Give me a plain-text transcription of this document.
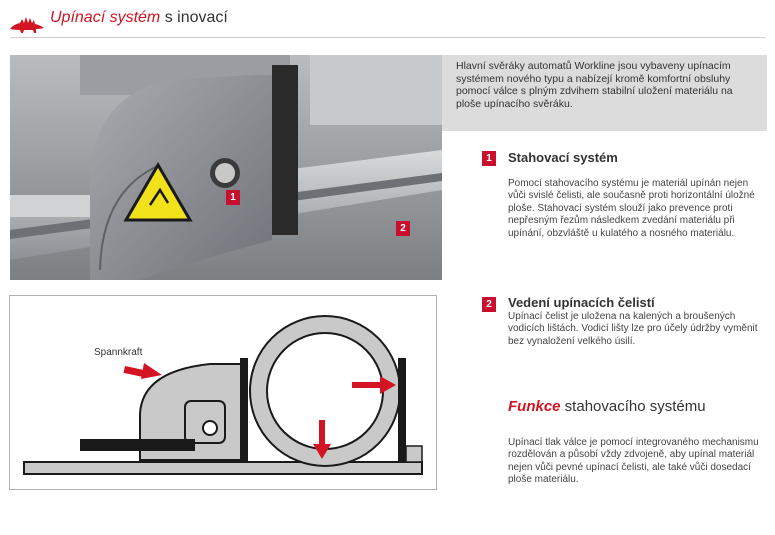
Upínací systém s inovací
1
2
Hlavní svěráky automatů Workline jsou vybaveny upínacím systémem nového typu a nabízejí kromě komfortní obsluhy pomocí válce s plným zdvihem stabilní uložení materiálu na ploše upínacího svěráku.
1	Stahovací systém
Pomocí stahovacího systému je materiál upínán nejen vůči svislé čelisti, ale současně proti horizontální úložné ploše. Stahovací systém slouží jako prevence proti nepřesným řezům následkem zvedání materiálu při upínání, obzvláště u kulatého a nosného materiálu.
2	Vedení upínacích čelistí
Upínací čelist je uložena na kalených a broušených vodicích lištách. Vodicí lišty lze pro účely údržby vyměnit bez vynaložení velkého úsilí.
Spannkraft
Funkce stahovacího systému
Upínací tlak válce je pomocí integrovaného mechanismu rozdělován a působí vždy zdvojeně, aby upínal materiál nejen vůči pevné upínací čelisti, ale také vůči dosedací ploše materiálu.
